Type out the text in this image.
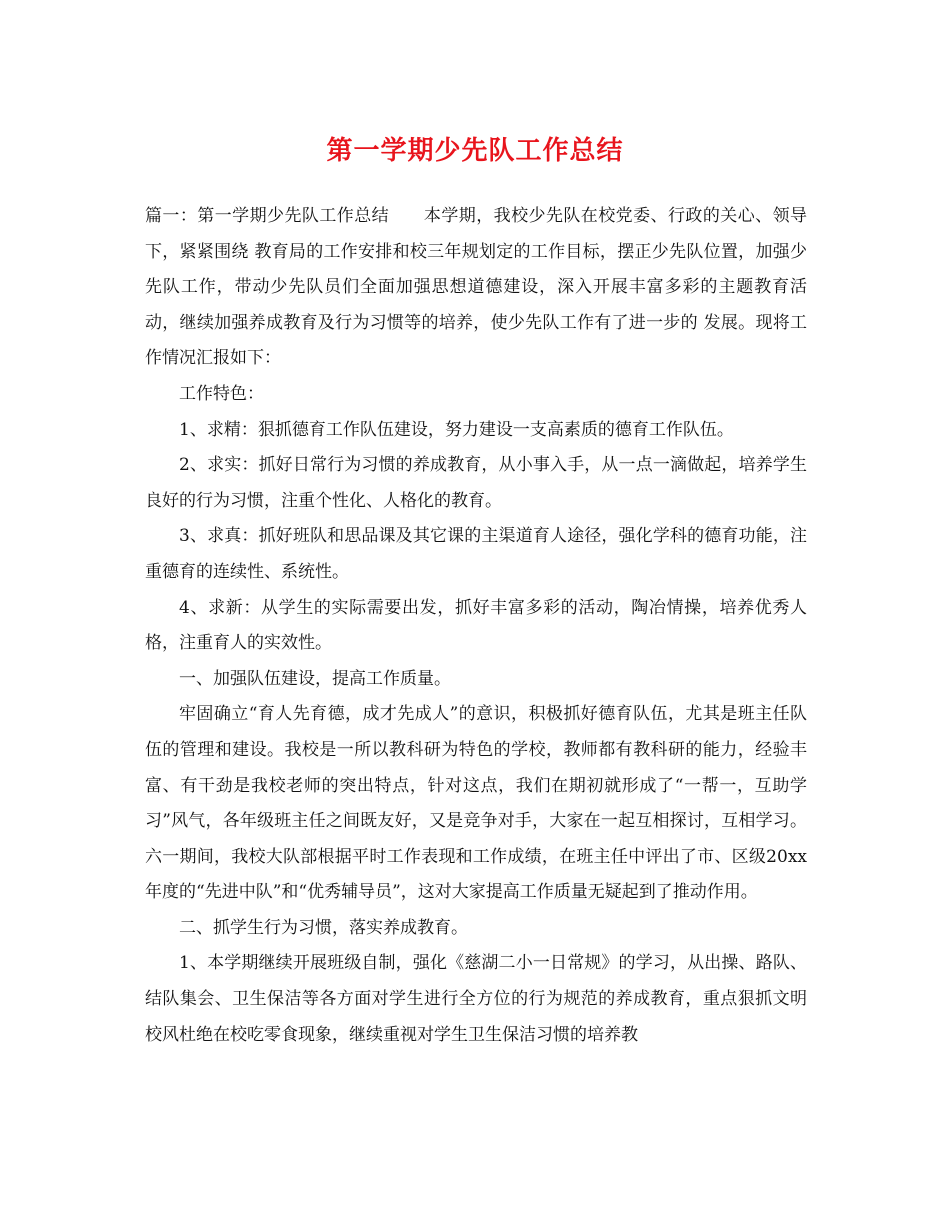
第一学期少先队工作总结

篇一：第一学期少先队工作总结　　本学期，我校少先队在校党委、行政的关心、领导下，紧紧围绕 教育局的工作安排和校三年规划定的工作目标，摆正少先队位置，加强少先队工作，带动少先队员们全面加强思想道德建设，深入开展丰富多彩的主题教育活动，继续加强养成教育及行为习惯等的培养，使少先队工作有了进一步的 发展。现将工作情况汇报如下：

工作特色：

1、求精：狠抓德育工作队伍建设，努力建设一支高素质的德育工作队伍。

2、求实：抓好日常行为习惯的养成教育，从小事入手，从一点一滴做起，培养学生良好的行为习惯，注重个性化、人格化的教育。

3、求真：抓好班队和思品课及其它课的主渠道育人途径，强化学科的德育功能，注重德育的连续性、系统性。

4、求新：从学生的实际需要出发，抓好丰富多彩的活动，陶冶情操，培养优秀人格，注重育人的实效性。

一、加强队伍建设，提高工作质量。

牢固确立“育人先育德，成才先成人”的意识，积极抓好德育队伍，尤其是班主任队伍的管理和建设。我校是一所以教科研为特色的学校，教师都有教科研的能力，经验丰富、有干劲是我校老师的突出特点，针对这点，我们在期初就形成了“一帮一，互助学习”风气，各年级班主任之间既友好，又是竞争对手，大家在一起互相探讨，互相学习。六一期间，我校大队部根据平时工作表现和工作成绩，在班主任中评出了市、区级20xx年度的“先进中队”和“优秀辅导员”，这对大家提高工作质量无疑起到了推动作用。

二、抓学生行为习惯，落实养成教育。

1、本学期继续开展班级自制，强化《慈湖二小一日常规》的学习，从出操、路队、结队集会、卫生保洁等各方面对学生进行全方位的行为规范的养成教育，重点狠抓文明校风杜绝在校吃零食现象，继续重视对学生卫生保洁习惯的培养教
